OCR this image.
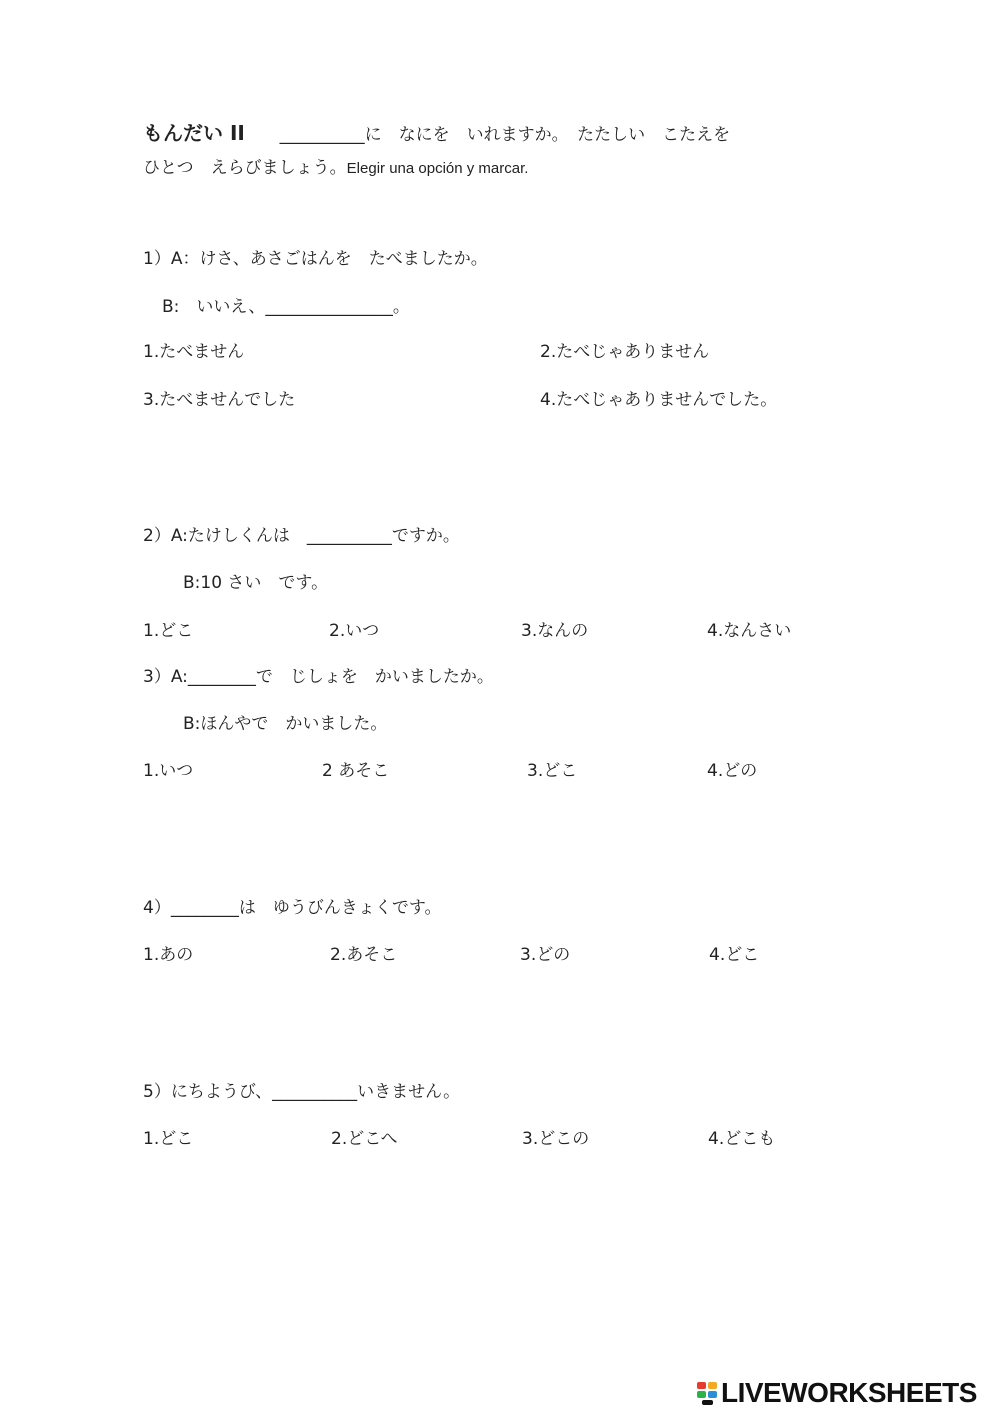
もんだい II __________に　なにを　いれますか。　たたしい　こたえを
ひとつ　えらびましょう。Elegir una opción y marcar.
1）A：けさ、あさごはんを　たべましたか。
B:　いいえ、_______________。
1.たべません	2.たべじゃありません
3.たべませんでした	4.たべじゃありませんでした。
2）A:たけしくんは　__________ですか。
B:10 さい　です。
1.どこ	2.いつ	3.なんの	4.なんさい
3）A:________で　じしょを　かいましたか。
B:ほんやで　かいました。
1.いつ	2 あそこ	3.どこ	4.どの
4）________は　ゆうびんきょくです。
1.あの	2.あそこ	3.どの	4.どこ
5）にちようび、__________いきません。
1.どこ	2.どこへ	3.どこの	4.どこも
LIVEWORKSHEETS
